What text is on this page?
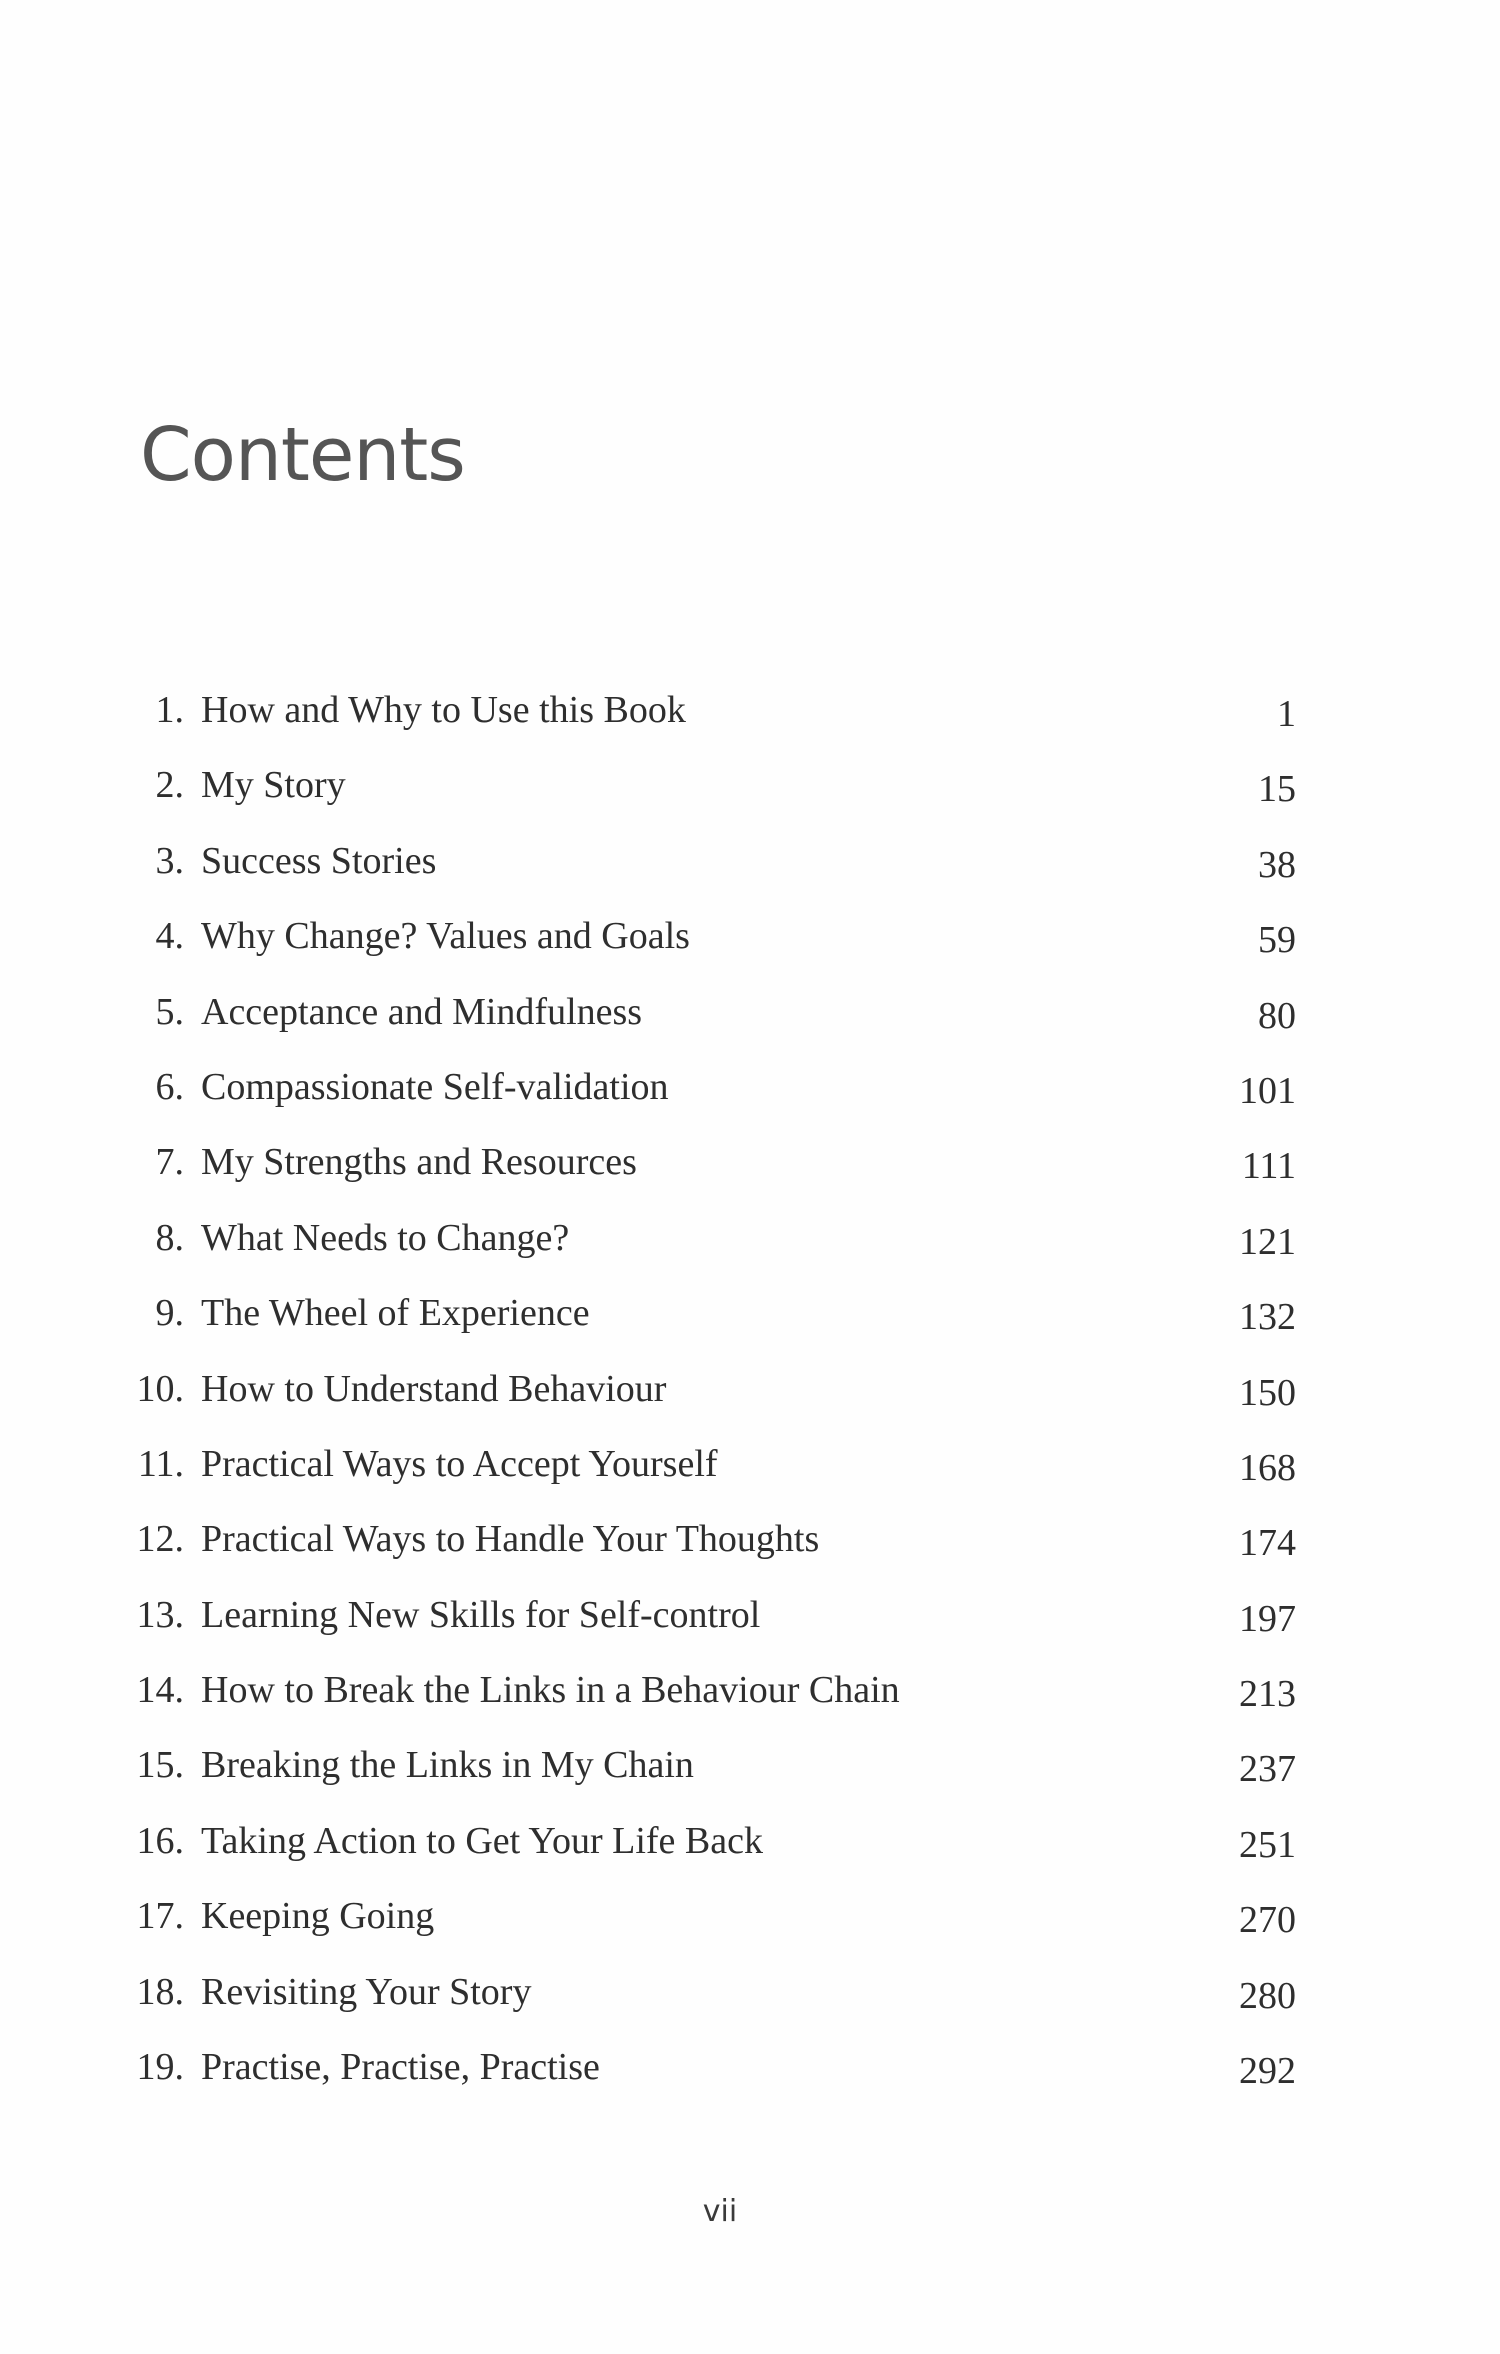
Contents
1. How and Why to Use this Book	1
2. My Story	15
3. Success Stories	38
4. Why Change? Values and Goals	59
5. Acceptance and Mindfulness	80
6. Compassionate Self-validation	101
7. My Strengths and Resources	111
8. What Needs to Change?	121
9. The Wheel of Experience	132
10. How to Understand Behaviour	150
11. Practical Ways to Accept Yourself	168
12. Practical Ways to Handle Your Thoughts	174
13. Learning New Skills for Self-control	197
14. How to Break the Links in a Behaviour Chain	213
15. Breaking the Links in My Chain	237
16. Taking Action to Get Your Life Back	251
17. Keeping Going	270
18. Revisiting Your Story	280
19. Practise, Practise, Practise	292
vii
